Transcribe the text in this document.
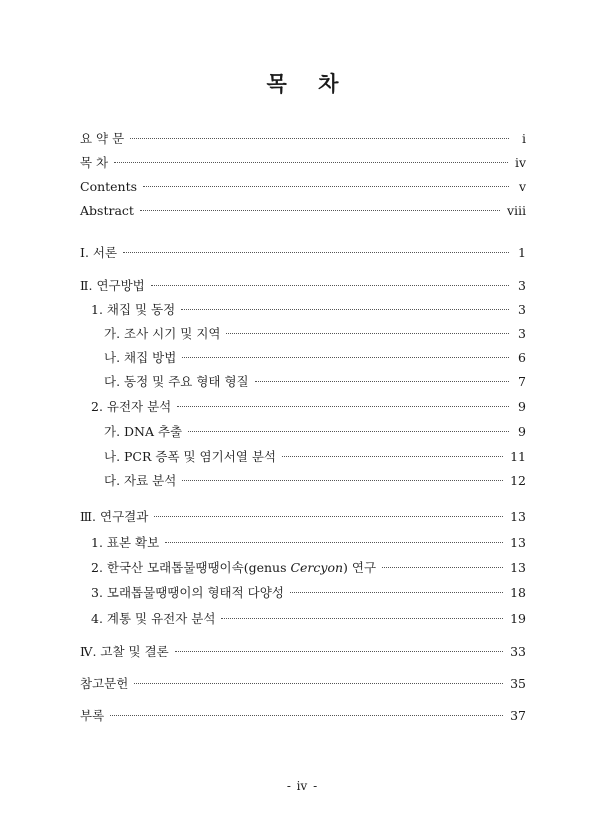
목 차
요 약 문	ⅰ
목 차	ⅳ
Contents	ⅴ
Abstract	ⅷ
Ⅰ. 서론	1
Ⅱ. 연구방법	3
1. 채집 및 동정	3
가. 조사 시기 및 지역	3
나. 채집 방법	6
다. 동정 및 주요 형태 형질	7
2. 유전자 분석	9
가. DNA 추출	9
나. PCR 증폭 및 염기서열 분석	11
다. 자료 분석	12
Ⅲ. 연구결과	13
1. 표본 확보	13
2. 한국산 모래톱물땡땡이속(genus Cercyon) 연구	13
3. 모래톱물땡땡이의 형태적 다양성	18
4. 계통 및 유전자 분석	19
Ⅳ. 고찰 및 결론	33
참고문헌	35
부록	37
- ⅳ -
